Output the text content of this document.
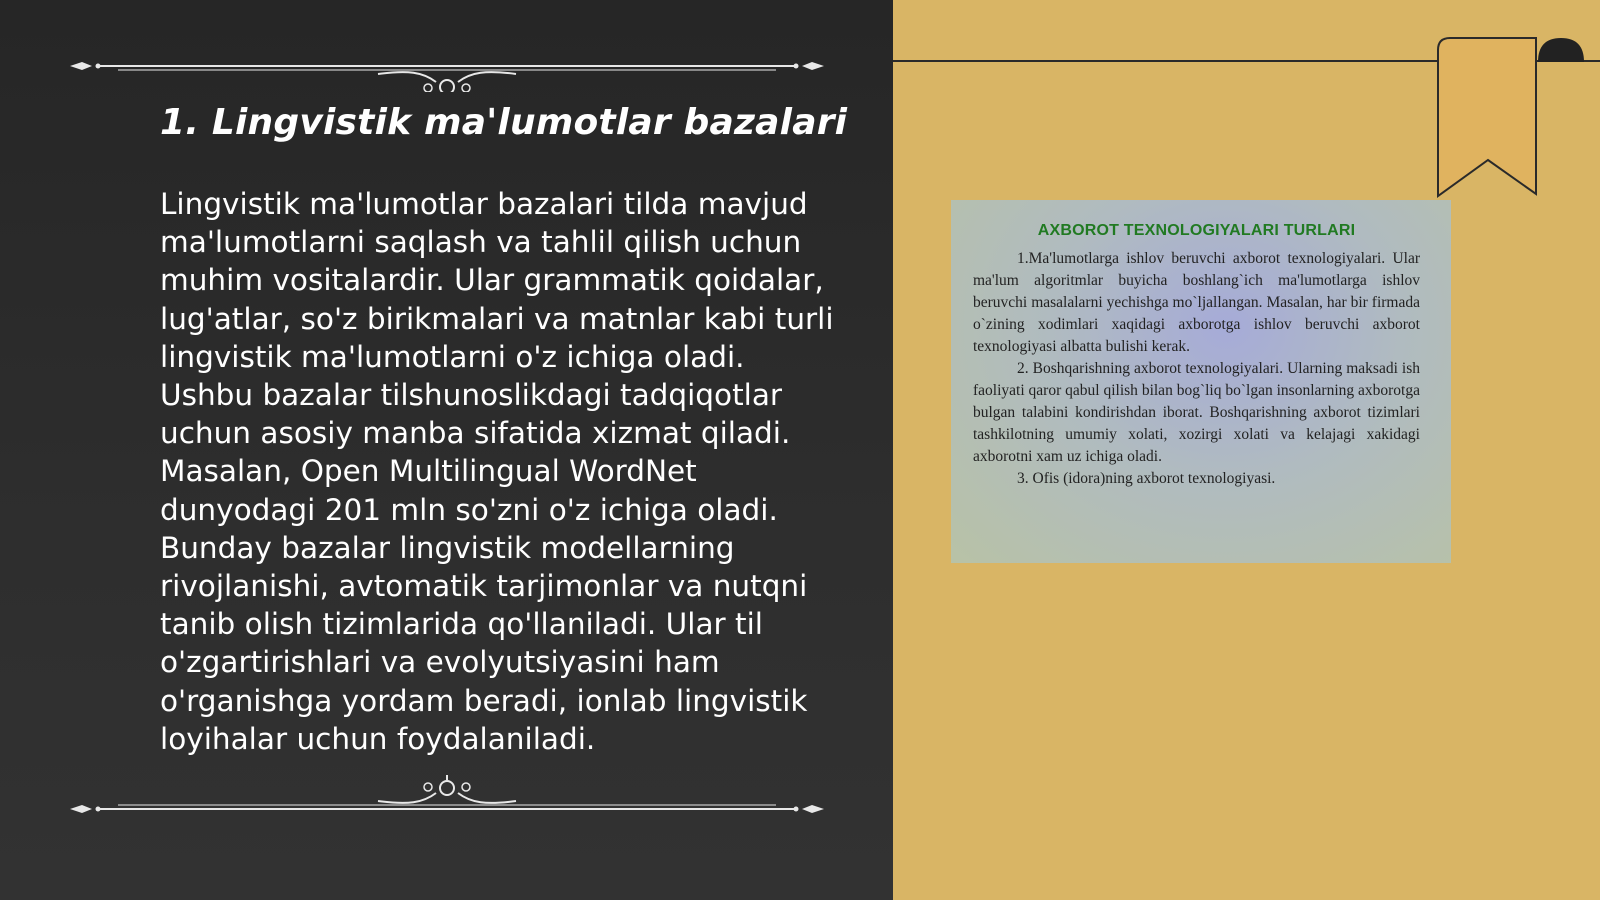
1. Lingvistik ma'lumotlar bazalari
Lingvistik ma'lumotlar bazalari tilda mavjud ma'lumotlarni saqlash va tahlil qilish uchun muhim vositalardir. Ular grammatik qoidalar, lug'atlar, so'z birikmalari va matnlar kabi turli lingvistik ma'lumotlarni o'z ichiga oladi. Ushbu bazalar tilshunoslikdagi tadqiqotlar uchun asosiy manba sifatida xizmat qiladi. Masalan, Open Multilingual WordNet dunyodagi 201 mln so'zni o'z ichiga oladi. Bunday bazalar lingvistik modellarning rivojlanishi, avtomatik tarjimonlar va nutqni tanib olish tizimlarida qo'llaniladi. Ular til o'zgartirishlari va evolyutsiyasini ham o'rganishga yordam beradi, ionlab lingvistik loyihalar uchun foydalaniladi.
AXBOROT TEXNOLOGIYALARI TURLARI

1.Ma'lumotlarga ishlov beruvchi axborot texnologiyalari. Ular ma'lum algoritmlar buyicha boshlang`ich ma'lumotlarga ishlov beruvchi masalalarni yechishga mo`ljallangan. Masalan, har bir firmada o`zining xodimlari xaqidagi axborotga ishlov beruvchi axborot texnologiyasi albatta bulishi kerak.

2. Boshqarishning axborot texnologiyalari. Ularning maksadi ish faoliyati qaror qabul qilish bilan bog`liq bo`lgan insonlarning axborotga bulgan talabini kondirishdan iborat. Boshqarishning axborot tizimlari tashkilotning umumiy xolati, xozirgi xolati va kelajagi xakidagi axborotni xam uz ichiga oladi.

3. Ofis (idora)ning axborot texnologiyasi.
